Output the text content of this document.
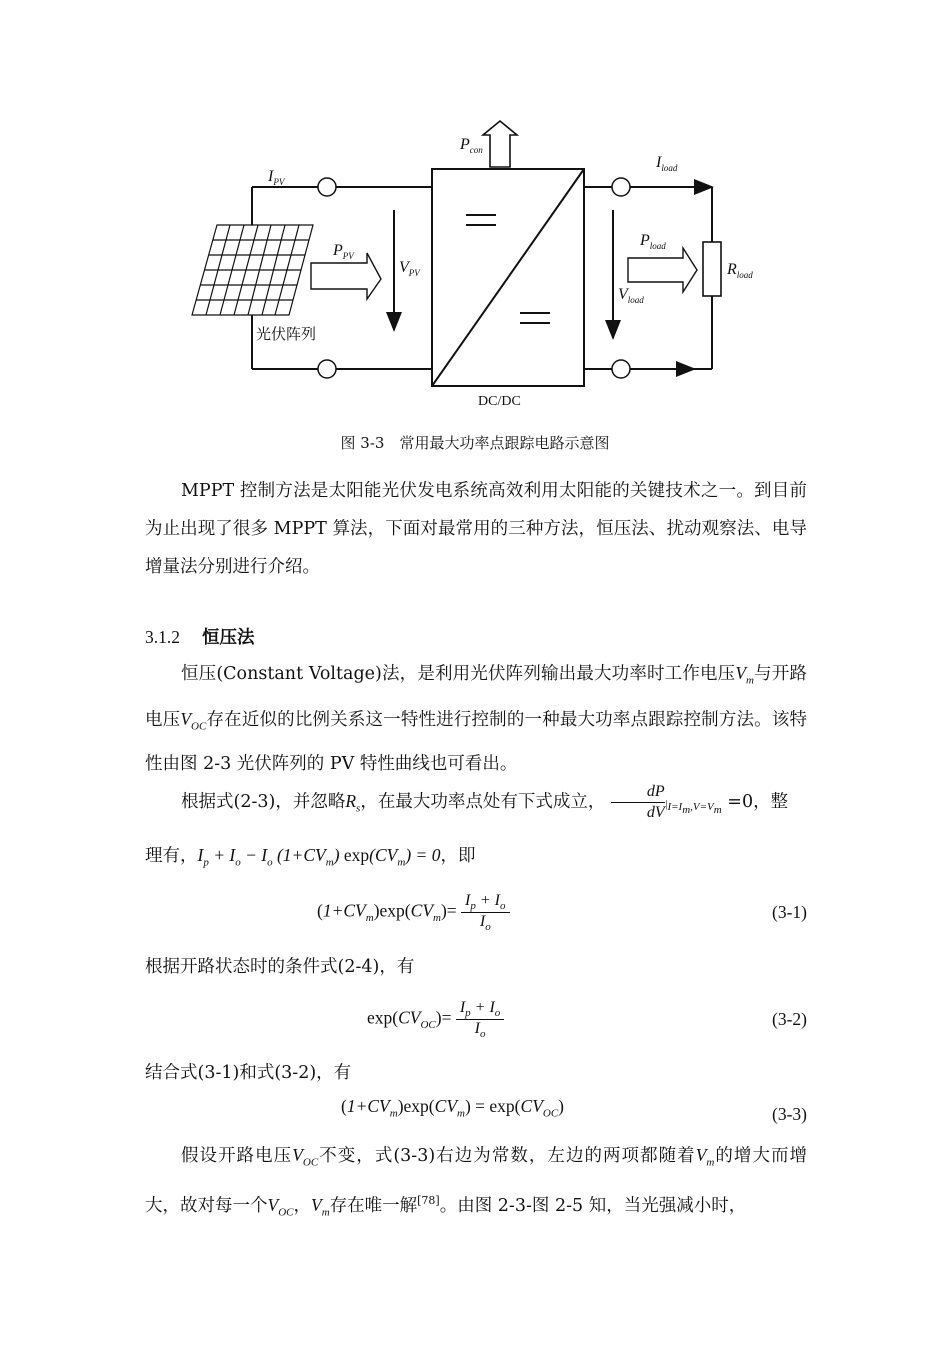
$P_{con}$
$I_{PV}$
$P_{PV}$
$V_{PV}$
$I_{load}$
$P_{load}$
$V_{load}$
$R_{load}$
光伏阵列
DC/DC
图 3-3　常用最大功率点跟踪电路示意图
MPPT 控制方法是太阳能光伏发电系统高效利用太阳能的关键技术之一。到目前为止出现了很多 MPPT 算法，下面对最常用的三种方法，恒压法、扰动观察法、电导增量法分别进行介绍。
3.1.2 恒压法
恒压(Constant Voltage)法，是利用光伏阵列输出最大功率时工作电压$V_m$与开路电压$V_{OC}$存在近似的比例关系这一特性进行控制的一种最大功率点跟踪控制方法。该特性由图 2-3 光伏阵列的 PV 特性曲线也可看出。
根据式(2-3)，并忽略$R_s$，在最大功率点处有下式成立， $\frac{dP}{dV} |_{I=I_m,V=V_m} =0$，整
理有，$I_p + I_o - I_o$ $(1+CV_m) \exp(CV_m) = 0$，即
$(1+CV_m)\exp(CV_m)= \frac{I_p + I_o}{I_o}$	(3-1)
根据开路状态时的条件式(2-4)，有
$\exp(CV_{OC})= \frac{I_p + I_o}{I_o}$	(3-2)
结合式(3-1)和式(3-2)，有
$(1+CV_m)\exp(CV_m) = \exp(CV_{OC})$	(3-3)
假设开路电压$V_{OC}$不变，式(3-3)右边为常数，左边的两项都随着$V_m$的增大而增大，故对每一个$V_{OC}$，$V_m$存在唯一解[78]。由图 2-3-图 2-5 知，当光强减小时，
